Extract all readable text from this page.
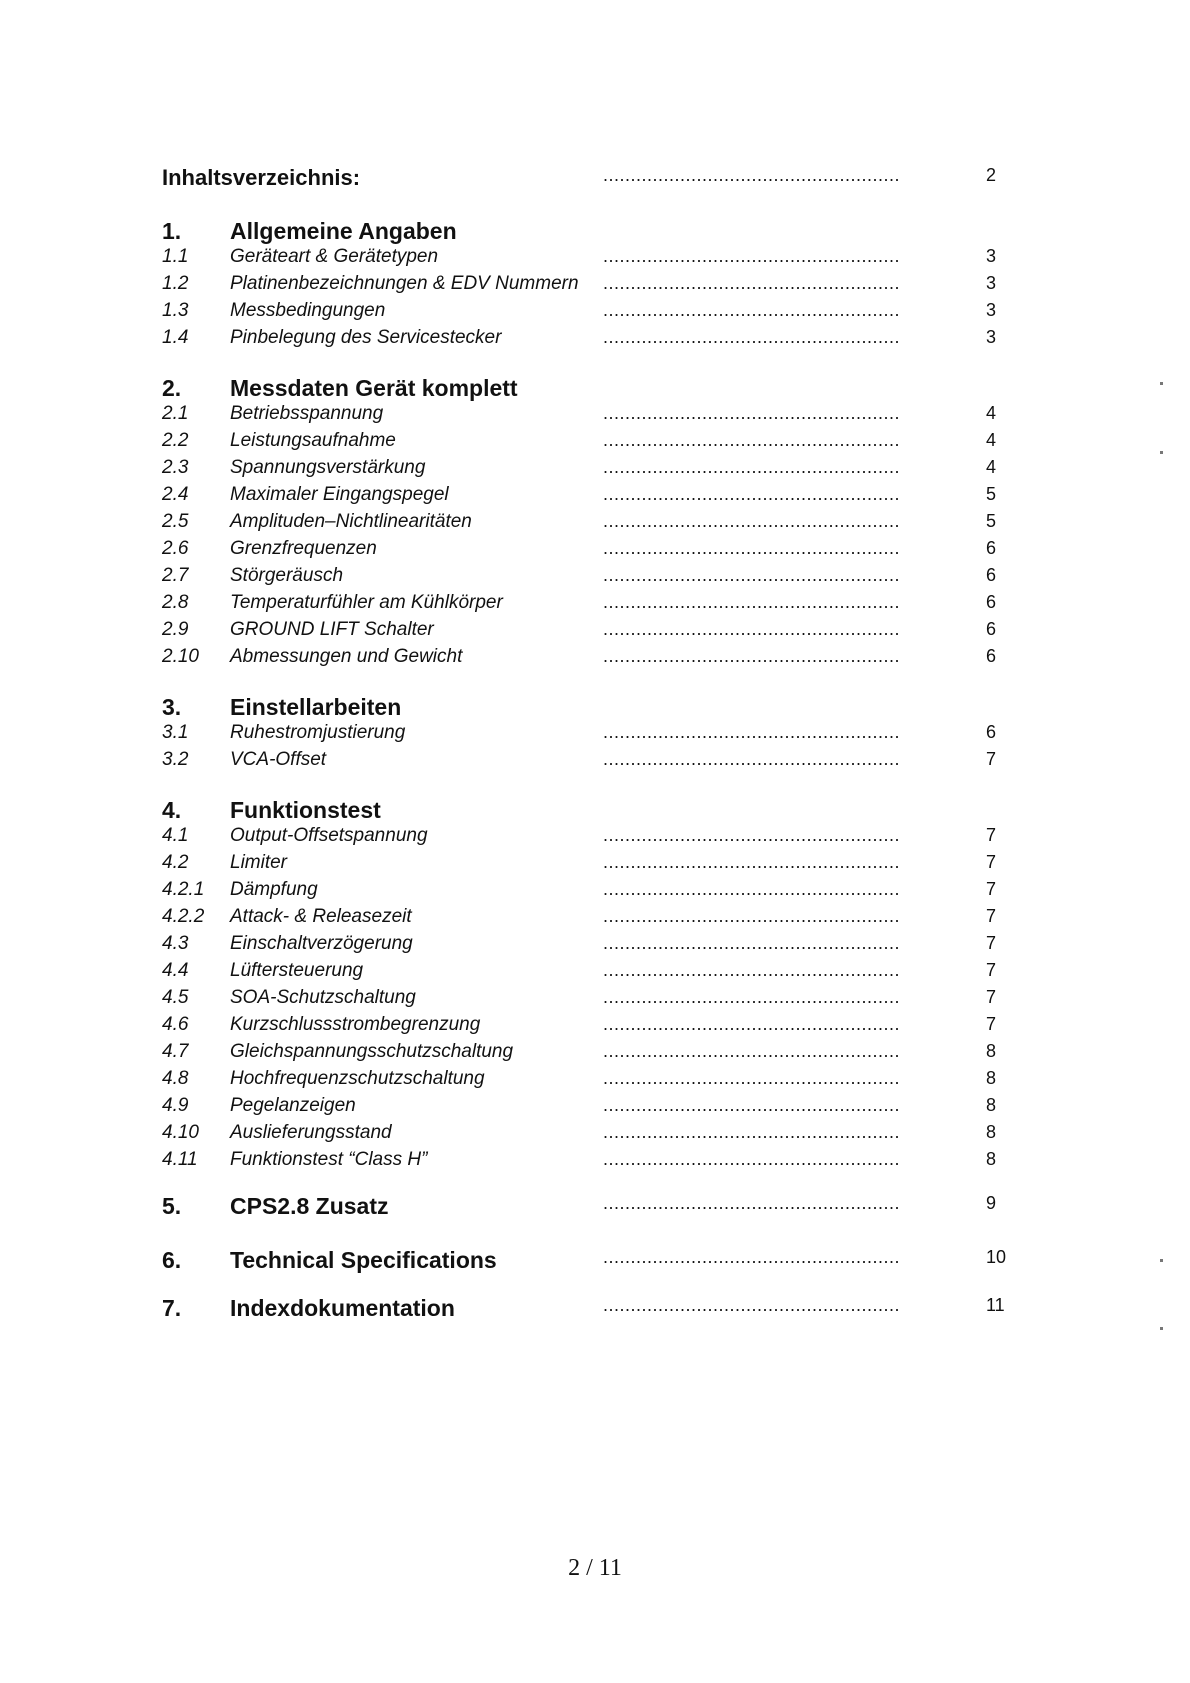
Inhaltsverzeichnis:	......................................................	2
1. Allgemeine Angaben
1.1 Geräteart & Gerätetypen	......................................................	3
1.2 Platinenbezeichnungen & EDV Nummern ......................................................	3
1.3 Messbedingungen	......................................................	3
1.4 Pinbelegung des Servicestecker	......................................................	3
2. Messdaten Gerät komplett
2.1 Betriebsspannung	......................................................	4
2.2 Leistungsaufnahme	......................................................	4
2.3 Spannungsverstärkung	......................................................	4
2.4 Maximaler Eingangspegel	......................................................	5
2.5 Amplituden–Nichtlinearitäten	......................................................	5
2.6 Grenzfrequenzen	......................................................	6
2.7 Störgeräusch	......................................................	6
2.8 Temperaturfühler am Kühlkörper	......................................................	6
2.9 GROUND LIFT Schalter	......................................................	6
2.10 Abmessungen und Gewicht	......................................................	6
3. Einstellarbeiten
3.1 Ruhestromjustierung	......................................................	6
3.2 VCA-Offset	......................................................	7
4. Funktionstest
4.1 Output-Offsetspannung	......................................................	7
4.2 Limiter	......................................................	7
4.2.1 Dämpfung	......................................................	7
4.2.2 Attack- & Releasezeit	......................................................	7
4.3 Einschaltverzögerung	......................................................	7
4.4 Lüftersteuerung	......................................................	7
4.5 SOA-Schutzschaltung	......................................................	7
4.6 Kurzschlussstrombegrenzung	......................................................	7
4.7 Gleichspannungsschutzschaltung	......................................................	8
4.8 Hochfrequenzschutzschaltung	......................................................	8
4.9 Pegelanzeigen	......................................................	8
4.10 Auslieferungsstand	......................................................	8
4.11 Funktionstest “Class H”	......................................................	8
5. CPS2.8 Zusatz	......................................................	9
6. Technical Specifications	......................................................	10
7. Indexdokumentation	......................................................	11
2 / 11
